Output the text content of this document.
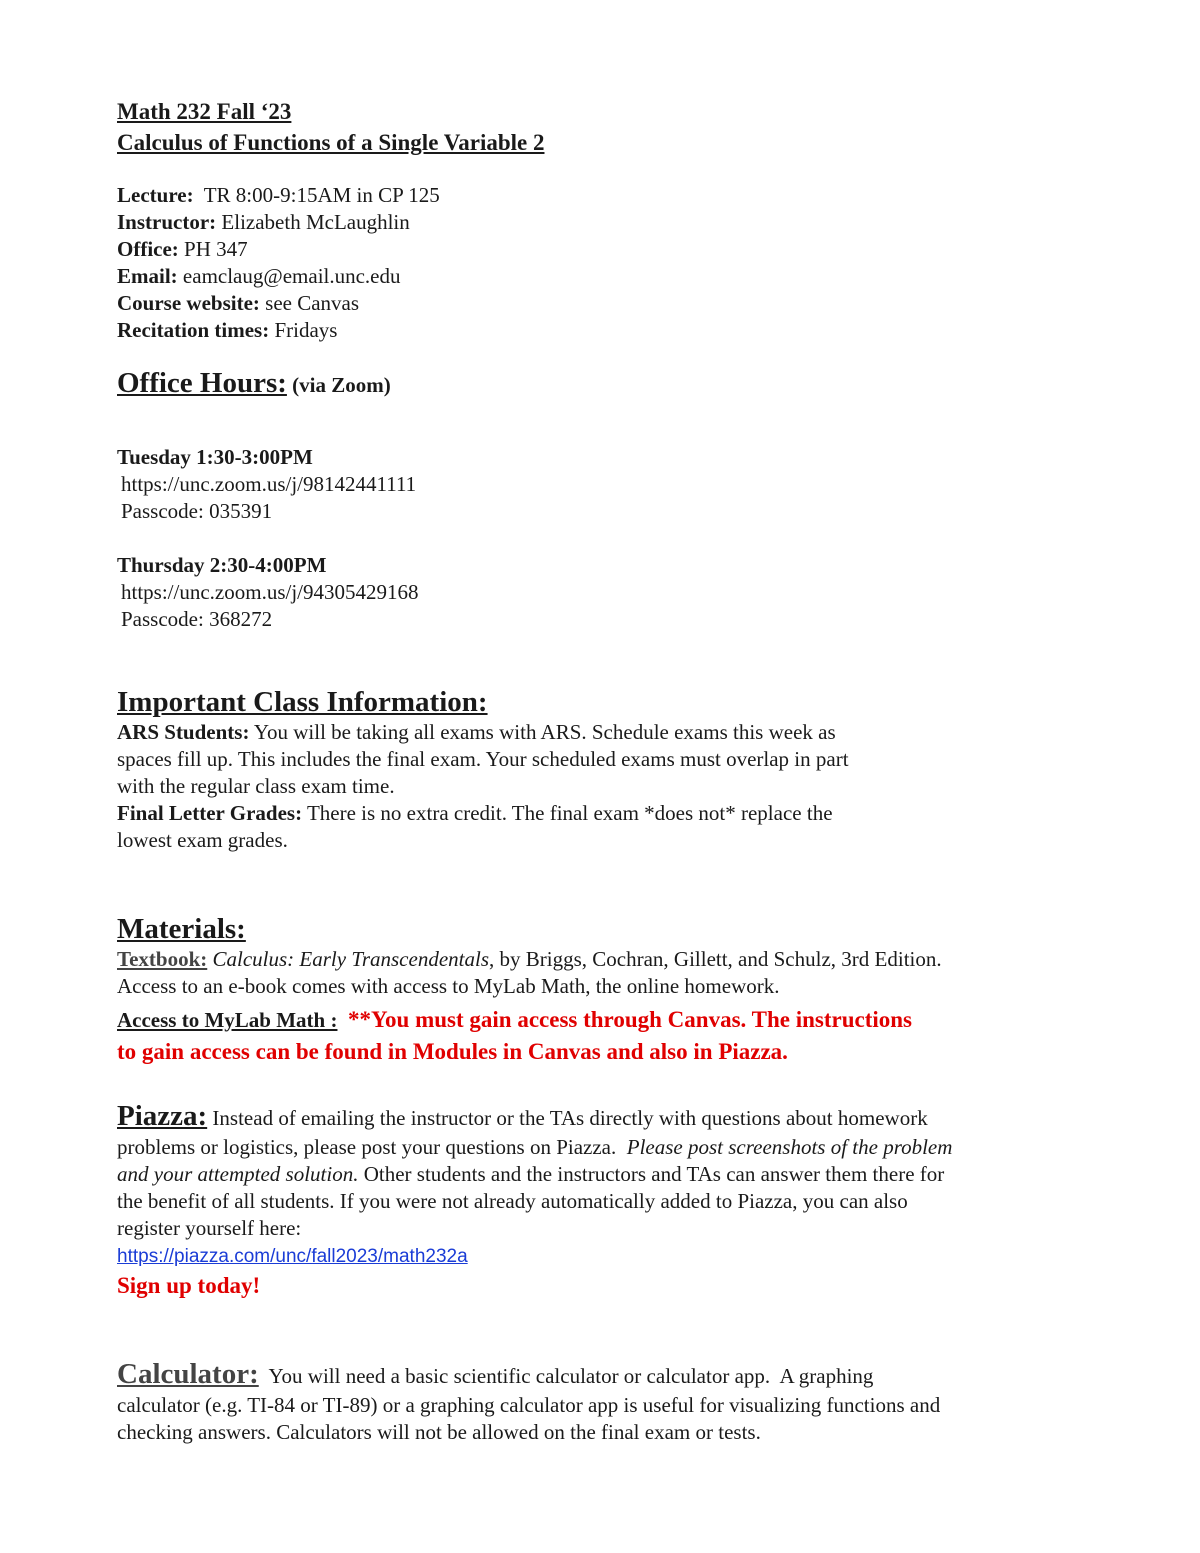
Math 232 Fall ‘23
Calculus of Functions of a Single Variable 2
Lecture:  TR 8:00-9:15AM in CP 125
Instructor: Elizabeth McLaughlin
Office: PH 347
Email: eamclaug@email.unc.edu
Course website: see Canvas
Recitation times: Fridays
Office Hours: (via Zoom)
Tuesday 1:30-3:00PM
https://unc.zoom.us/j/98142441111
Passcode: 035391
Thursday 2:30-4:00PM
https://unc.zoom.us/j/94305429168
Passcode: 368272
Important Class Information:
ARS Students: You will be taking all exams with ARS. Schedule exams this week as
spaces fill up. This includes the final exam. Your scheduled exams must overlap in part
with the regular class exam time.
Final Letter Grades: There is no extra credit. The final exam *does not* replace the
lowest exam grades.
Materials:
Textbook: Calculus: Early Transcendentals, by Briggs, Cochran, Gillett, and Schulz, 3rd Edition.
Access to an e-book comes with access to MyLab Math, the online homework.
Access to MyLab Math : **You must gain access through Canvas. The instructions
to gain access can be found in Modules in Canvas and also in Piazza.
Piazza: Instead of emailing the instructor or the TAs directly with questions about homework
problems or logistics, please post your questions on Piazza.  Please post screenshots of the problem
and your attempted solution. Other students and the instructors and TAs can answer them there for
the benefit of all students. If you were not already automatically added to Piazza, you can also
register yourself here:
https://piazza.com/unc/fall2023/math232a
Sign up today!
Calculator:  You will need a basic scientific calculator or calculator app.  A graphing
calculator (e.g. TI-84 or TI-89) or a graphing calculator app is useful for visualizing functions and
checking answers. Calculators will not be allowed on the final exam or tests.
